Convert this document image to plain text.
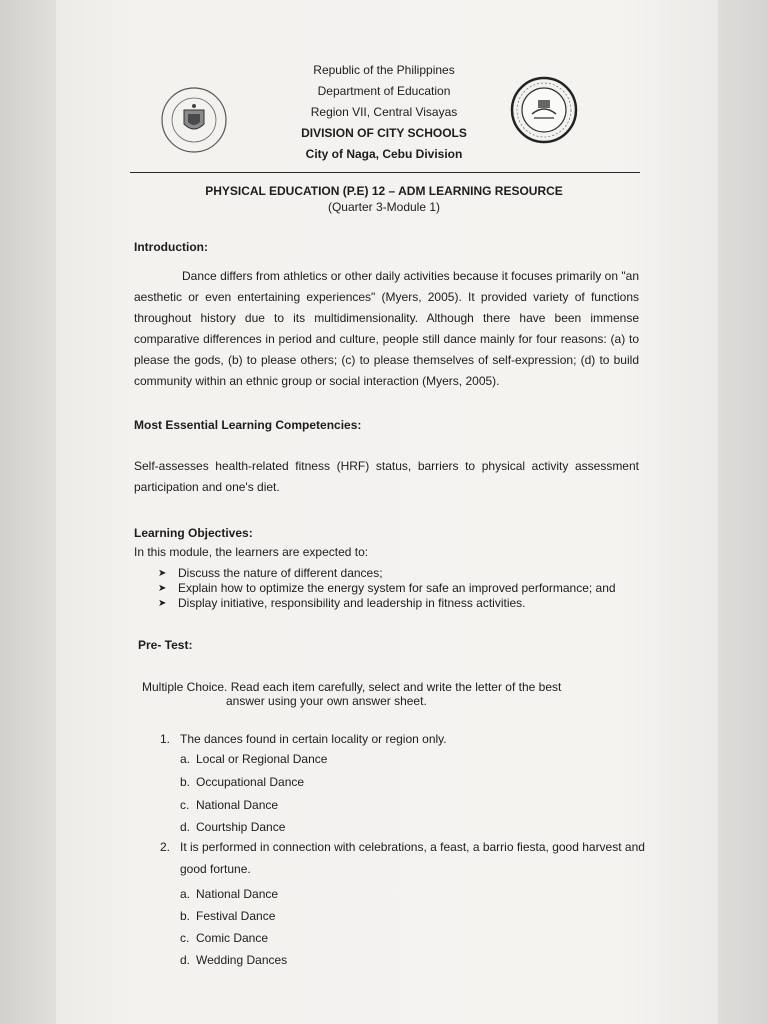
Republic of the Philippines
Department of Education
Region VII, Central Visayas
DIVISION OF CITY SCHOOLS
City of Naga, Cebu Division
PHYSICAL EDUCATION (P.E) 12 – ADM LEARNING RESOURCE
(Quarter 3-Module 1)
Introduction:
Dance differs from athletics or other daily activities because it focuses primarily on "an aesthetic or even entertaining experiences" (Myers, 2005). It provided variety of functions throughout history due to its multidimensionality. Although there have been immense comparative differences in period and culture, people still dance mainly for four reasons: (a) to please the gods, (b) to please others; (c) to please themselves of self-expression; (d) to build community within an ethnic group or social interaction (Myers, 2005).
Most Essential Learning Competencies:
Self-assesses health-related fitness (HRF) status, barriers to physical activity assessment participation and one's diet.
Learning Objectives:
In this module, the learners are expected to:
➤ Discuss the nature of different dances;
➤ Explain how to optimize the energy system for safe an improved performance; and
➤ Display initiative, responsibility and leadership in fitness activities.
Pre- Test:
Multiple Choice. Read each item carefully, select and write the letter of the best
answer using your own answer sheet.
1. The dances found in certain locality or region only.
a. Local or Regional Dance
b. Occupational Dance
c. National Dance
d. Courtship Dance
2. It is performed in connection with celebrations, a feast, a barrio fiesta, good harvest and good fortune.
a. National Dance
b. Festival Dance
c. Comic Dance
d. Wedding Dances
